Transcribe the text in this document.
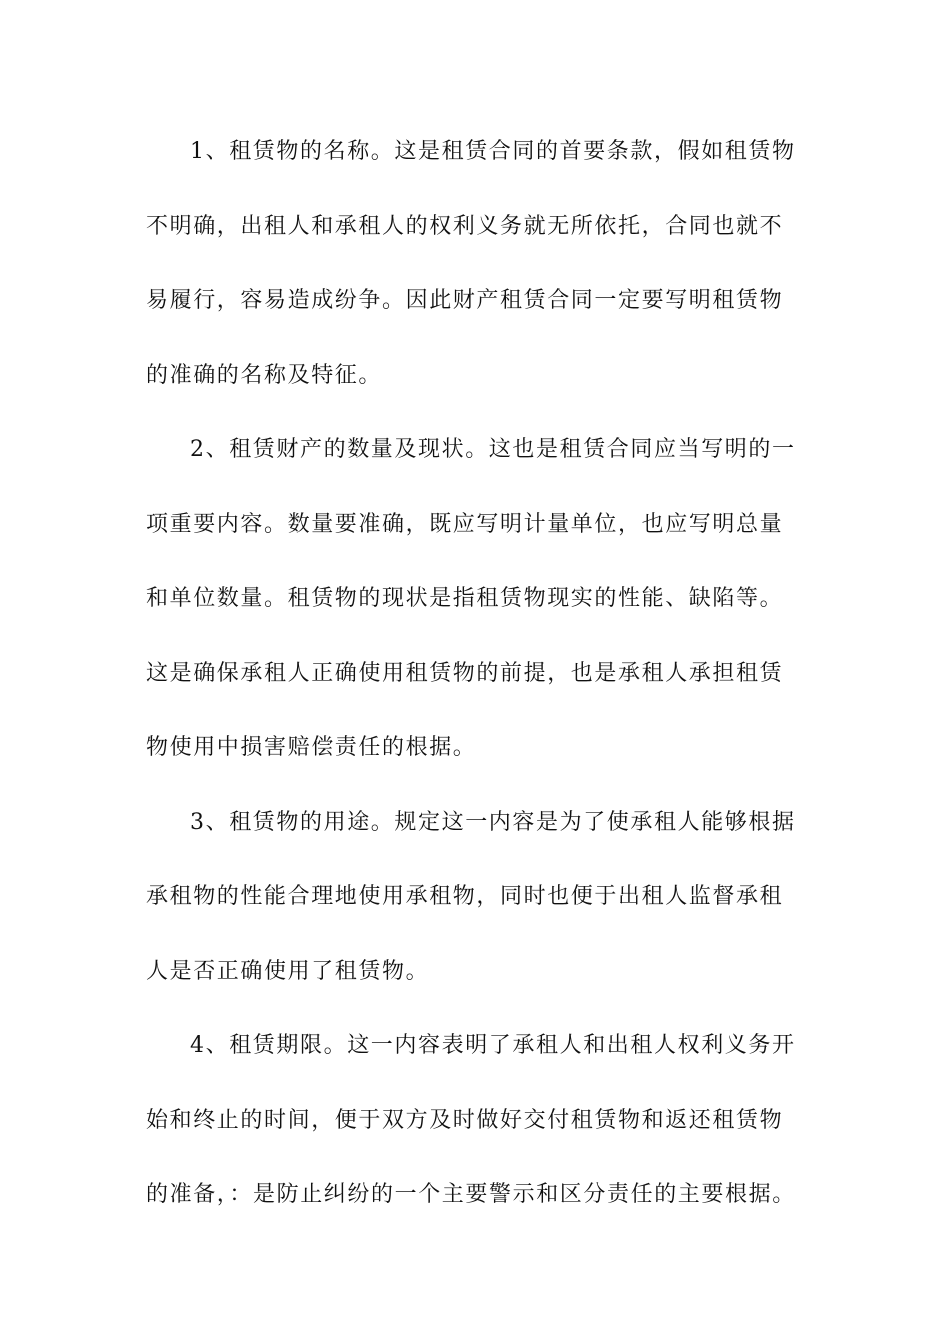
1、租赁物的名称。这是租赁合同的首要条款，假如租赁物
不明确，出租人和承租人的权利义务就无所依托，合同也就不
易履行，容易造成纷争。因此财产租赁合同一定要写明租赁物
的准确的名称及特征。
2、租赁财产的数量及现状。这也是租赁合同应当写明的一
项重要内容。数量要准确，既应写明计量单位，也应写明总量
和单位数量。租赁物的现状是指租赁物现实的性能、缺陷等。
这是确保承租人正确使用租赁物的前提，也是承租人承担租赁
物使用中损害赔偿责任的根据。
3、租赁物的用途。规定这一内容是为了使承租人能够根据
承租物的性能合理地使用承租物，同时也便于出租人监督承租
人是否正确使用了租赁物。
4、租赁期限。这一内容表明了承租人和出租人权利义务开
始和终止的时间，便于双方及时做好交付租赁物和返还租赁物
的准备，：是防止纠纷的一个主要警示和区分责任的主要根据。
